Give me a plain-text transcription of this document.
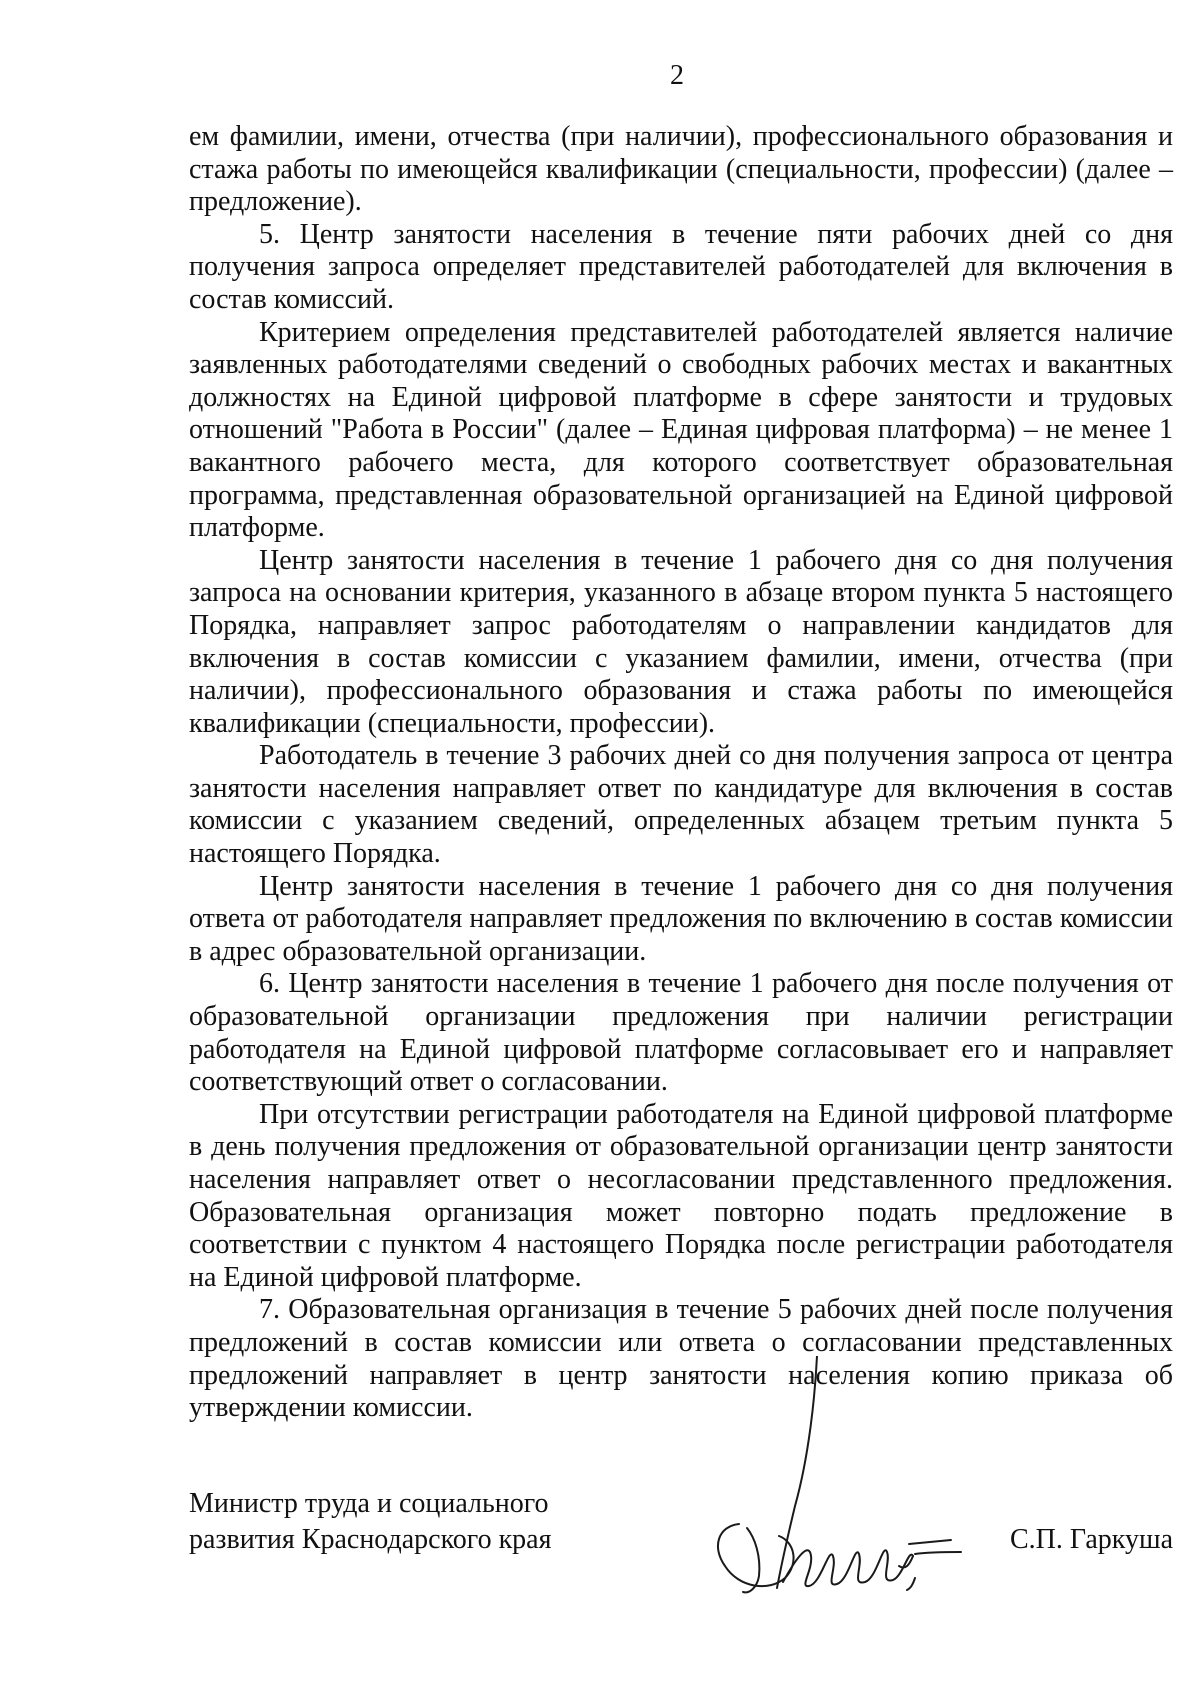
2

ем фамилии, имени, отчества (при наличии), профессионального образования и стажа работы по имеющейся квалификации (специальности, профессии) (далее – предложение).

5. Центр занятости населения в течение пяти рабочих дней со дня получения запроса определяет представителей работодателей для включения в состав комиссий.

Критерием определения представителей работодателей является наличие заявленных работодателями сведений о свободных рабочих местах и вакантных должностях на Единой цифровой платформе в сфере занятости и трудовых отношений "Работа в России" (далее – Единая цифровая платформа) – не менее 1 вакантного рабочего места, для которого соответствует образовательная программа, представленная образовательной организацией на Единой цифровой платформе.

Центр занятости населения в течение 1 рабочего дня со дня получения запроса на основании критерия, указанного в абзаце втором пункта 5 настоящего Порядка, направляет запрос работодателям о направлении кандидатов для включения в состав комиссии с указанием фамилии, имени, отчества (при наличии), профессионального образования и стажа работы по имеющейся квалификации (специальности, профессии).

Работодатель в течение 3 рабочих дней со дня получения запроса от центра занятости населения направляет ответ по кандидатуре для включения в состав комиссии с указанием сведений, определенных абзацем третьим пункта 5 настоящего Порядка.

Центр занятости населения в течение 1 рабочего дня со дня получения ответа от работодателя направляет предложения по включению в состав комиссии в адрес образовательной организации.

6. Центр занятости населения в течение 1 рабочего дня после получения от образовательной организации предложения при наличии регистрации работодателя на Единой цифровой платформе согласовывает его и направляет соответствующий ответ о согласовании.

При отсутствии регистрации работодателя на Единой цифровой платформе в день получения предложения от образовательной организации центр занятости населения направляет ответ о несогласовании представленного предложения. Образовательная организация может повторно подать предложение в соответствии с пунктом 4 настоящего Порядка после регистрации работодателя на Единой цифровой платформе.

7. Образовательная организация в течение 5 рабочих дней после получения предложений в состав комиссии или ответа о согласовании представленных предложений направляет в центр занятости населения копию приказа об утверждении комиссии.

Министр труда и социального
развития Краснодарского края	С.П. Гаркуша
